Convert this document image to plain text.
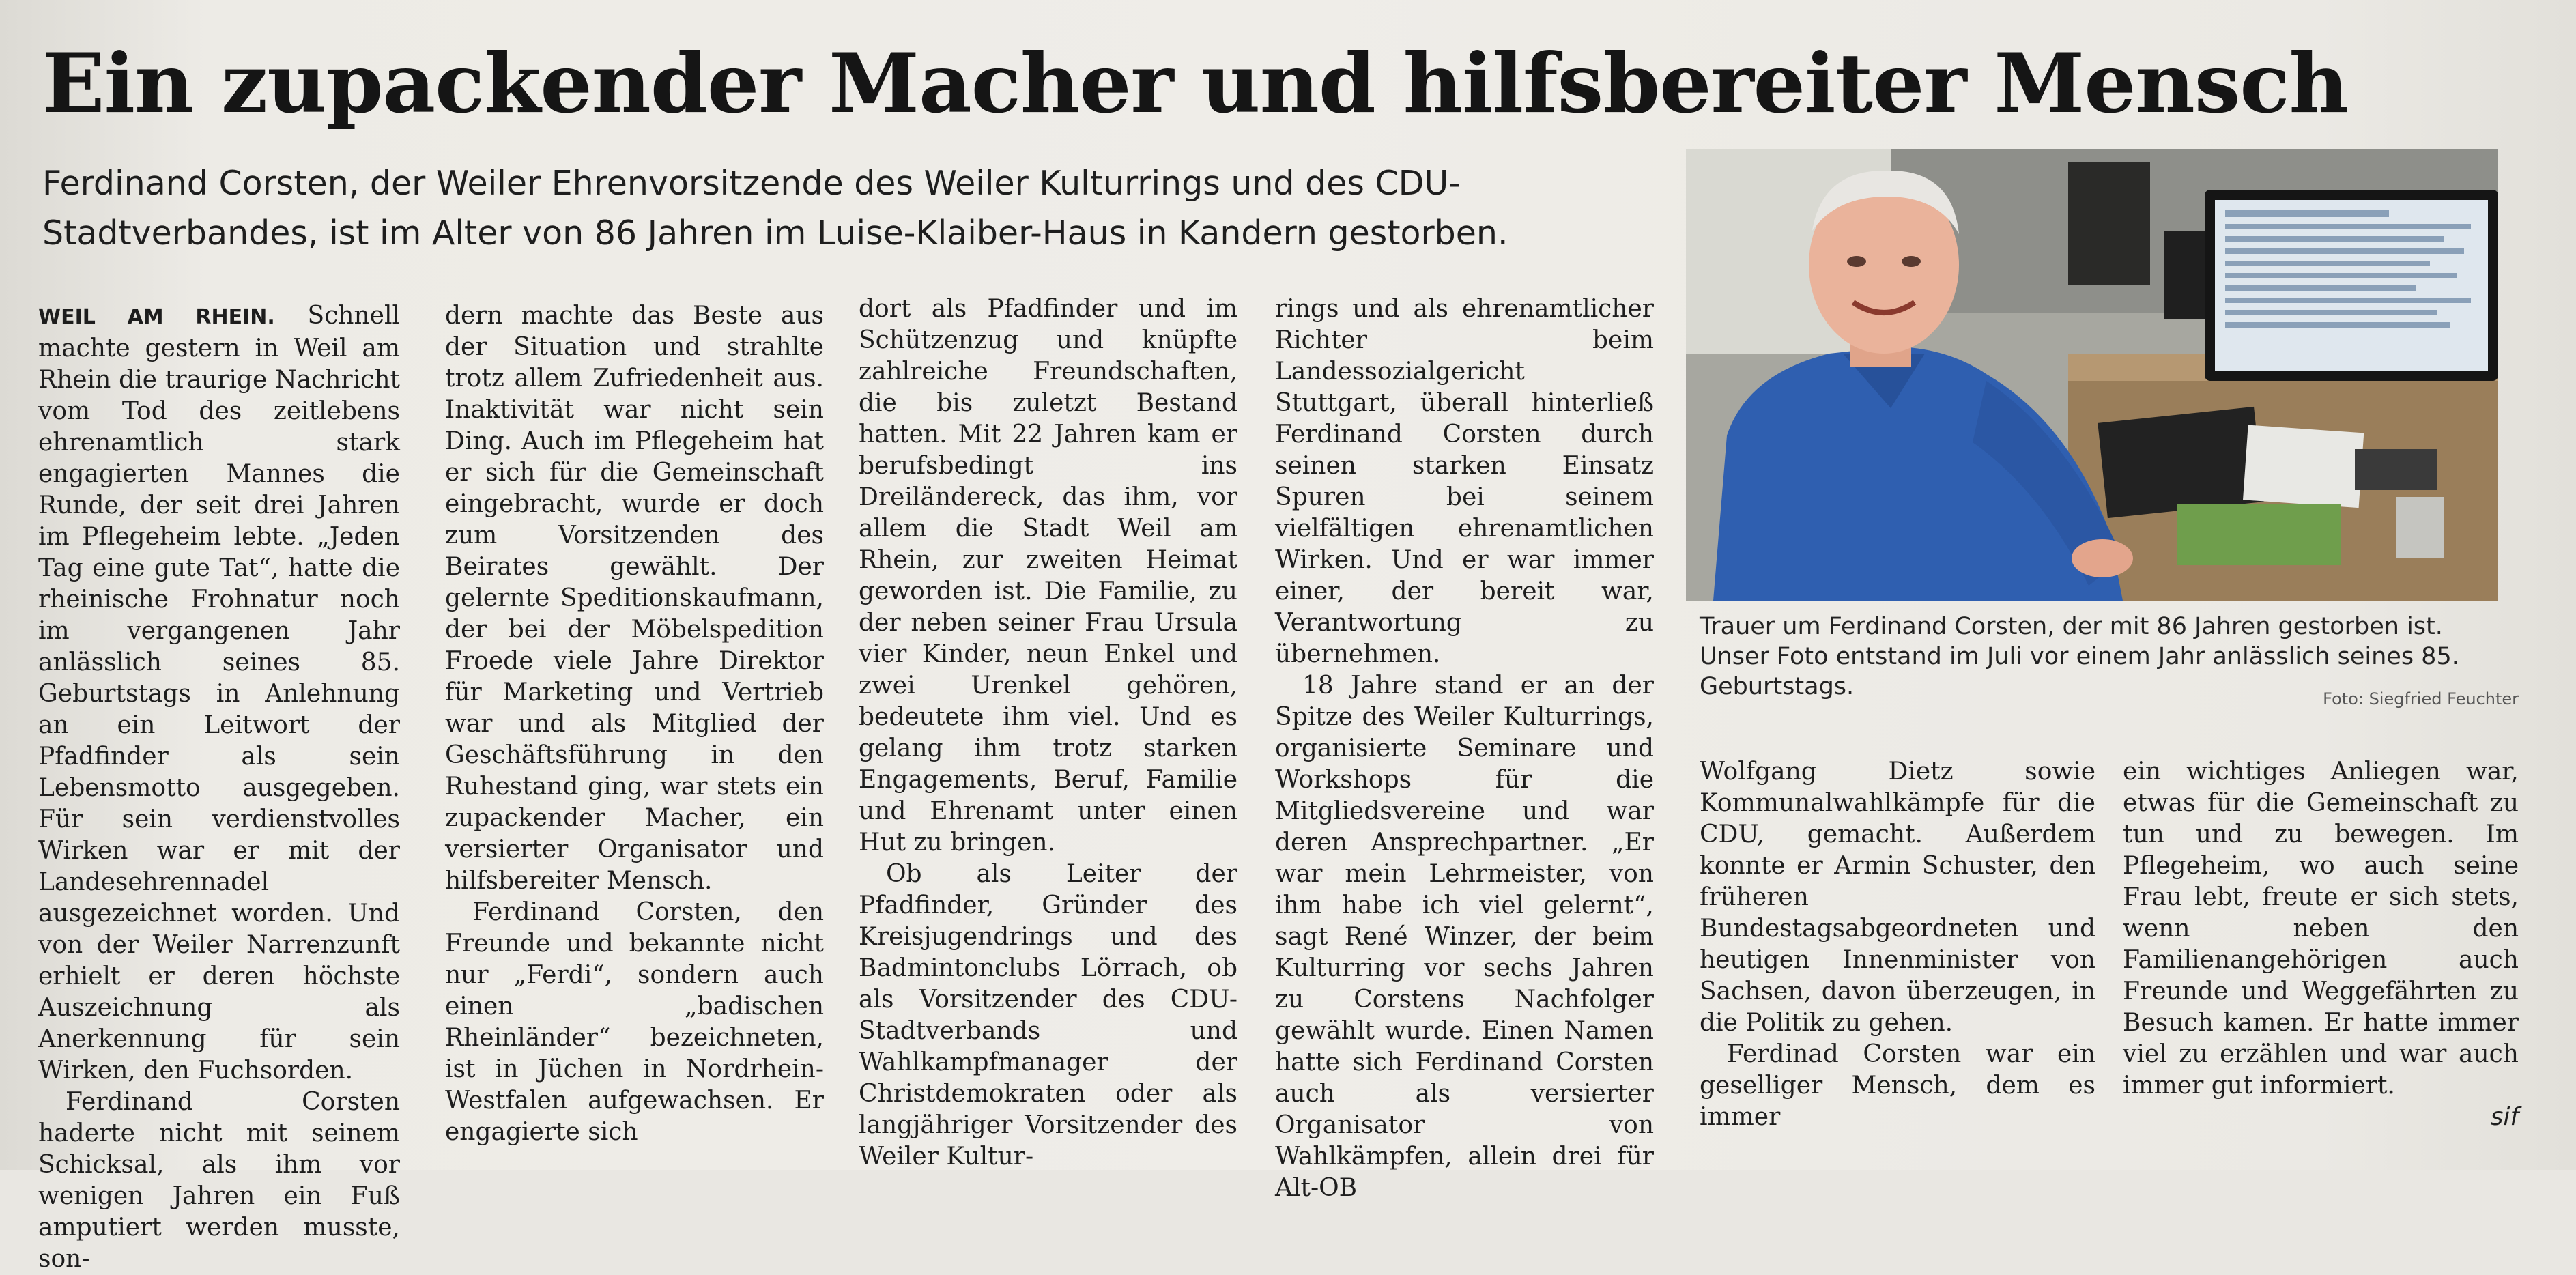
Ein zupackender Macher und hilfsbereiter Mensch
Ferdinand Corsten, der Weiler Ehrenvorsitzende des Weiler Kulturrings und des CDU-Stadtverbandes, ist im Alter von 86 Jahren im Luise-Klaiber-Haus in Kandern gestorben.
Trauer um Ferdinand Corsten, der mit 86 Jahren gestorben ist. Unser Foto entstand im Juli vor einem Jahr anlässlich seines 85. Geburtstags.	Foto: Siegfried Feuchter

WEIL AM RHEIN. Schnell machte gestern in Weil am Rhein die traurige Nachricht vom Tod des zeitlebens ehrenamtlich stark engagierten Mannes die Runde, der seit drei Jahren im Pflegeheim lebte. „Jeden Tag eine gute Tat“, hatte die rheinische Frohnatur noch im vergangenen Jahr anlässlich seines 85. Geburtstags in Anlehnung an ein Leitwort der Pfadfinder als sein Lebensmotto ausgegeben. Für sein verdienstvolles Wirken war er mit der Landesehrennadel ausgezeichnet worden. Und von der Weiler Narrenzunft erhielt er deren höchste Auszeichnung als Anerkennung für sein Wirken, den Fuchsorden.

Ferdinand Corsten haderte nicht mit seinem Schicksal, als ihm vor wenigen Jahren ein Fuß amputiert werden musste, son-

dern machte das Beste aus der Situation und strahlte trotz allem Zufriedenheit aus. Inaktivität war nicht sein Ding. Auch im Pflegeheim hat er sich für die Gemeinschaft eingebracht, wurde er doch zum Vorsitzenden des Beirates gewählt. Der gelernte Speditionskaufmann, der bei der Möbelspedition Froede viele Jahre Direktor für Marketing und Vertrieb war und als Mitglied der Geschäftsführung in den Ruhestand ging, war stets ein zupackender Macher, ein versierter Organisator und hilfsbereiter Mensch.

Ferdinand Corsten, den Freunde und bekannte nicht nur „Ferdi“, sondern auch einen „badischen Rheinländer“ bezeichneten, ist in Jüchen in Nordrhein-Westfalen aufgewachsen. Er engagierte sich

dort als Pfadfinder und im Schützenzug und knüpfte zahlreiche Freundschaften, die bis zuletzt Bestand hatten. Mit 22 Jahren kam er berufsbedingt ins Dreiländereck, das ihm, vor allem die Stadt Weil am Rhein, zur zweiten Heimat geworden ist. Die Familie, zu der neben seiner Frau Ursula vier Kinder, neun Enkel und zwei Urenkel gehören, bedeutete ihm viel. Und es gelang ihm trotz starken Engagements, Beruf, Familie und Ehrenamt unter einen Hut zu bringen.

Ob als Leiter der Pfadfinder, Gründer des Kreisjugendrings und des Badmintonclubs Lörrach, ob als Vorsitzender des CDU-Stadtverbands und Wahlkampfmanager der Christdemokraten oder als langjähriger Vorsitzender des Weiler Kultur-

rings und als ehrenamtlicher Richter beim Landessozialgericht Stuttgart, überall hinterließ Ferdinand Corsten durch seinen starken Einsatz Spuren bei seinem vielfältigen ehrenamtlichen Wirken. Und er war immer einer, der bereit war, Verantwortung zu übernehmen.

18 Jahre stand er an der Spitze des Weiler Kulturrings, organisierte Seminare und Workshops für die Mitgliedsvereine und war deren Ansprechpartner. „Er war mein Lehrmeister, von ihm habe ich viel gelernt“, sagt René Winzer, der beim Kulturring vor sechs Jahren zu Corstens Nachfolger gewählt wurde. Einen Namen hatte sich Ferdinand Corsten auch als versierter Organisator von Wahlkämpfen, allein drei für Alt-OB

Wolfgang Dietz sowie Kommunalwahlkämpfe für die CDU, gemacht. Außerdem konnte er Armin Schuster, den früheren Bundestagsabgeordneten und heutigen Innenminister von Sachsen, davon überzeugen, in die Politik zu gehen.

Ferdinad Corsten war ein geselliger Mensch, dem es immer

ein wichtiges Anliegen war, etwas für die Gemeinschaft zu tun und zu bewegen. Im Pflegeheim, wo auch seine Frau lebt, freute er sich stets, wenn neben den Familienangehörigen auch Freunde und Weggefährten zu Besuch kamen. Er hatte immer viel zu erzählen und war auch immer gut informiert.

sif
